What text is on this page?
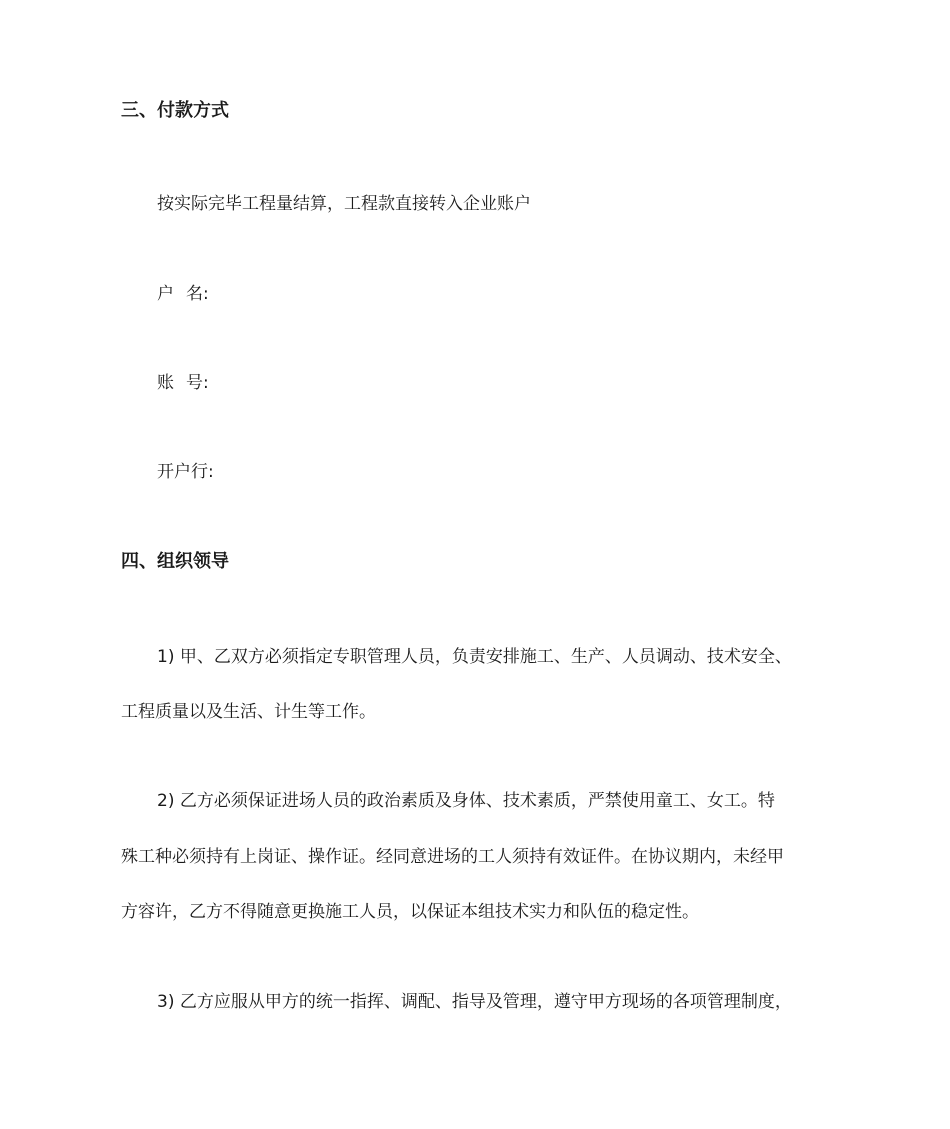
三、付款方式
按实际完毕工程量结算，工程款直接转入企业账户
户 名:
账 号:
开户行:
四、组织领导
1) 甲、乙双方必须指定专职管理人员，负责安排施工、生产、人员调动、技术安全、
工程质量以及生活、计生等工作。
2) 乙方必须保证进场人员的政治素质及身体、技术素质，严禁使用童工、女工。特
殊工种必须持有上岗证、操作证。经同意进场的工人须持有效证件。在协议期内，未经甲
方容许，乙方不得随意更换施工人员，以保证本组技术实力和队伍的稳定性。
3) 乙方应服从甲方的统一指挥、调配、指导及管理，遵守甲方现场的各项管理制度，
